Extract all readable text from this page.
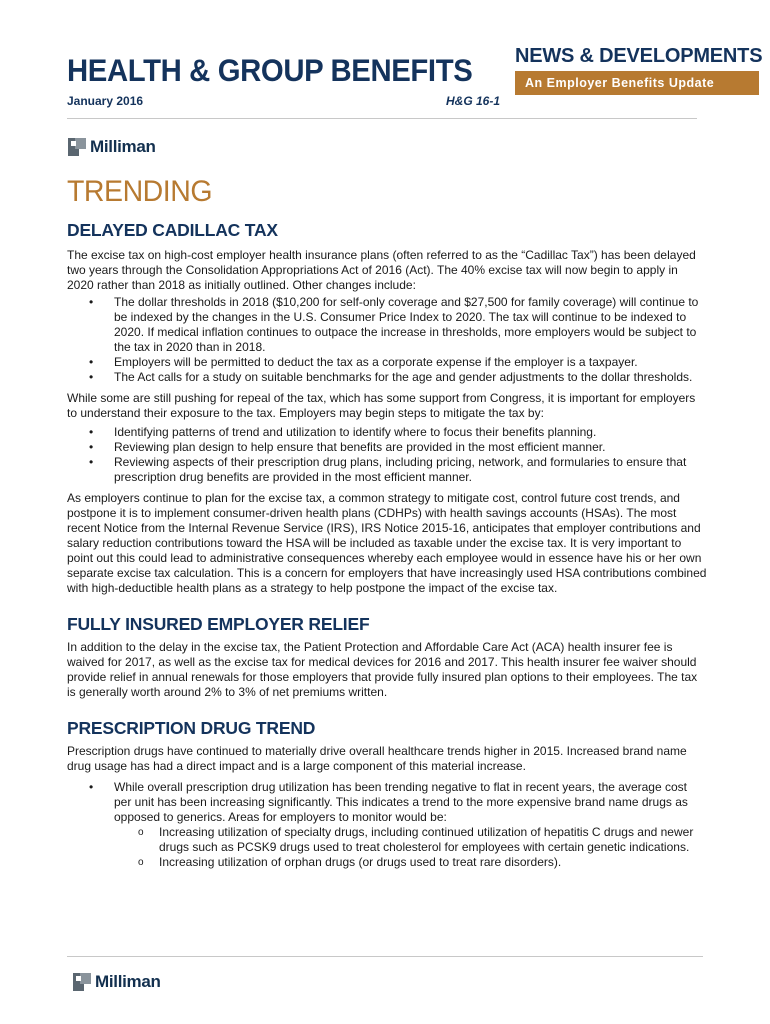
HEALTH & GROUP BENEFITS NEWS & DEVELOPMENTS
An Employer Benefits Update
January 2016	H&G 16-1
Milliman
TRENDING
DELAYED CADILLAC TAX

The excise tax on high-cost employer health insurance plans (often referred to as the “Cadillac Tax”) has been delayed two years through the Consolidation Appropriations Act of 2016 (Act). The 40% excise tax will now begin to apply in 2020 rather than 2018 as initially outlined. Other changes include:

• The dollar thresholds in 2018 ($10,200 for self-only coverage and $27,500 for family coverage) will continue to be indexed by the changes in the U.S. Consumer Price Index to 2020. The tax will continue to be indexed to 2020. If medical inflation continues to outpace the increase in thresholds, more employers would be subject to the tax in 2020 than in 2018.
• Employers will be permitted to deduct the tax as a corporate expense if the employer is a taxpayer.
• The Act calls for a study on suitable benchmarks for the age and gender adjustments to the dollar thresholds.

While some are still pushing for repeal of the tax, which has some support from Congress, it is important for employers to understand their exposure to the tax. Employers may begin steps to mitigate the tax by:

• Identifying patterns of trend and utilization to identify where to focus their benefits planning.
• Reviewing plan design to help ensure that benefits are provided in the most efficient manner.
• Reviewing aspects of their prescription drug plans, including pricing, network, and formularies to ensure that prescription drug benefits are provided in the most efficient manner.

As employers continue to plan for the excise tax, a common strategy to mitigate cost, control future cost trends, and postpone it is to implement consumer-driven health plans (CDHPs) with health savings accounts (HSAs). The most recent Notice from the Internal Revenue Service (IRS), IRS Notice 2015-16, anticipates that employer contributions and salary reduction contributions toward the HSA will be included as taxable under the excise tax. It is very important to point out this could lead to administrative consequences whereby each employee would in essence have his or her own separate excise tax calculation. This is a concern for employers that have increasingly used HSA contributions combined with high-deductible health plans as a strategy to help postpone the impact of the excise tax.

FULLY INSURED EMPLOYER RELIEF

In addition to the delay in the excise tax, the Patient Protection and Affordable Care Act (ACA) health insurer fee is waived for 2017, as well as the excise tax for medical devices for 2016 and 2017. This health insurer fee waiver should provide relief in annual renewals for those employers that provide fully insured plan options to their employees. The tax is generally worth around 2% to 3% of net premiums written.

PRESCRIPTION DRUG TREND

Prescription drugs have continued to materially drive overall healthcare trends higher in 2015. Increased brand name drug usage has had a direct impact and is a large component of this material increase.

• While overall prescription drug utilization has been trending negative to flat in recent years, the average cost per unit has been increasing significantly. This indicates a trend to the more expensive brand name drugs as opposed to generics. Areas for employers to monitor would be:
o Increasing utilization of specialty drugs, including continued utilization of hepatitis C drugs and newer drugs such as PCSK9 drugs used to treat cholesterol for employees with certain genetic indications.
o Increasing utilization of orphan drugs (or drugs used to treat rare disorders).
Milliman
